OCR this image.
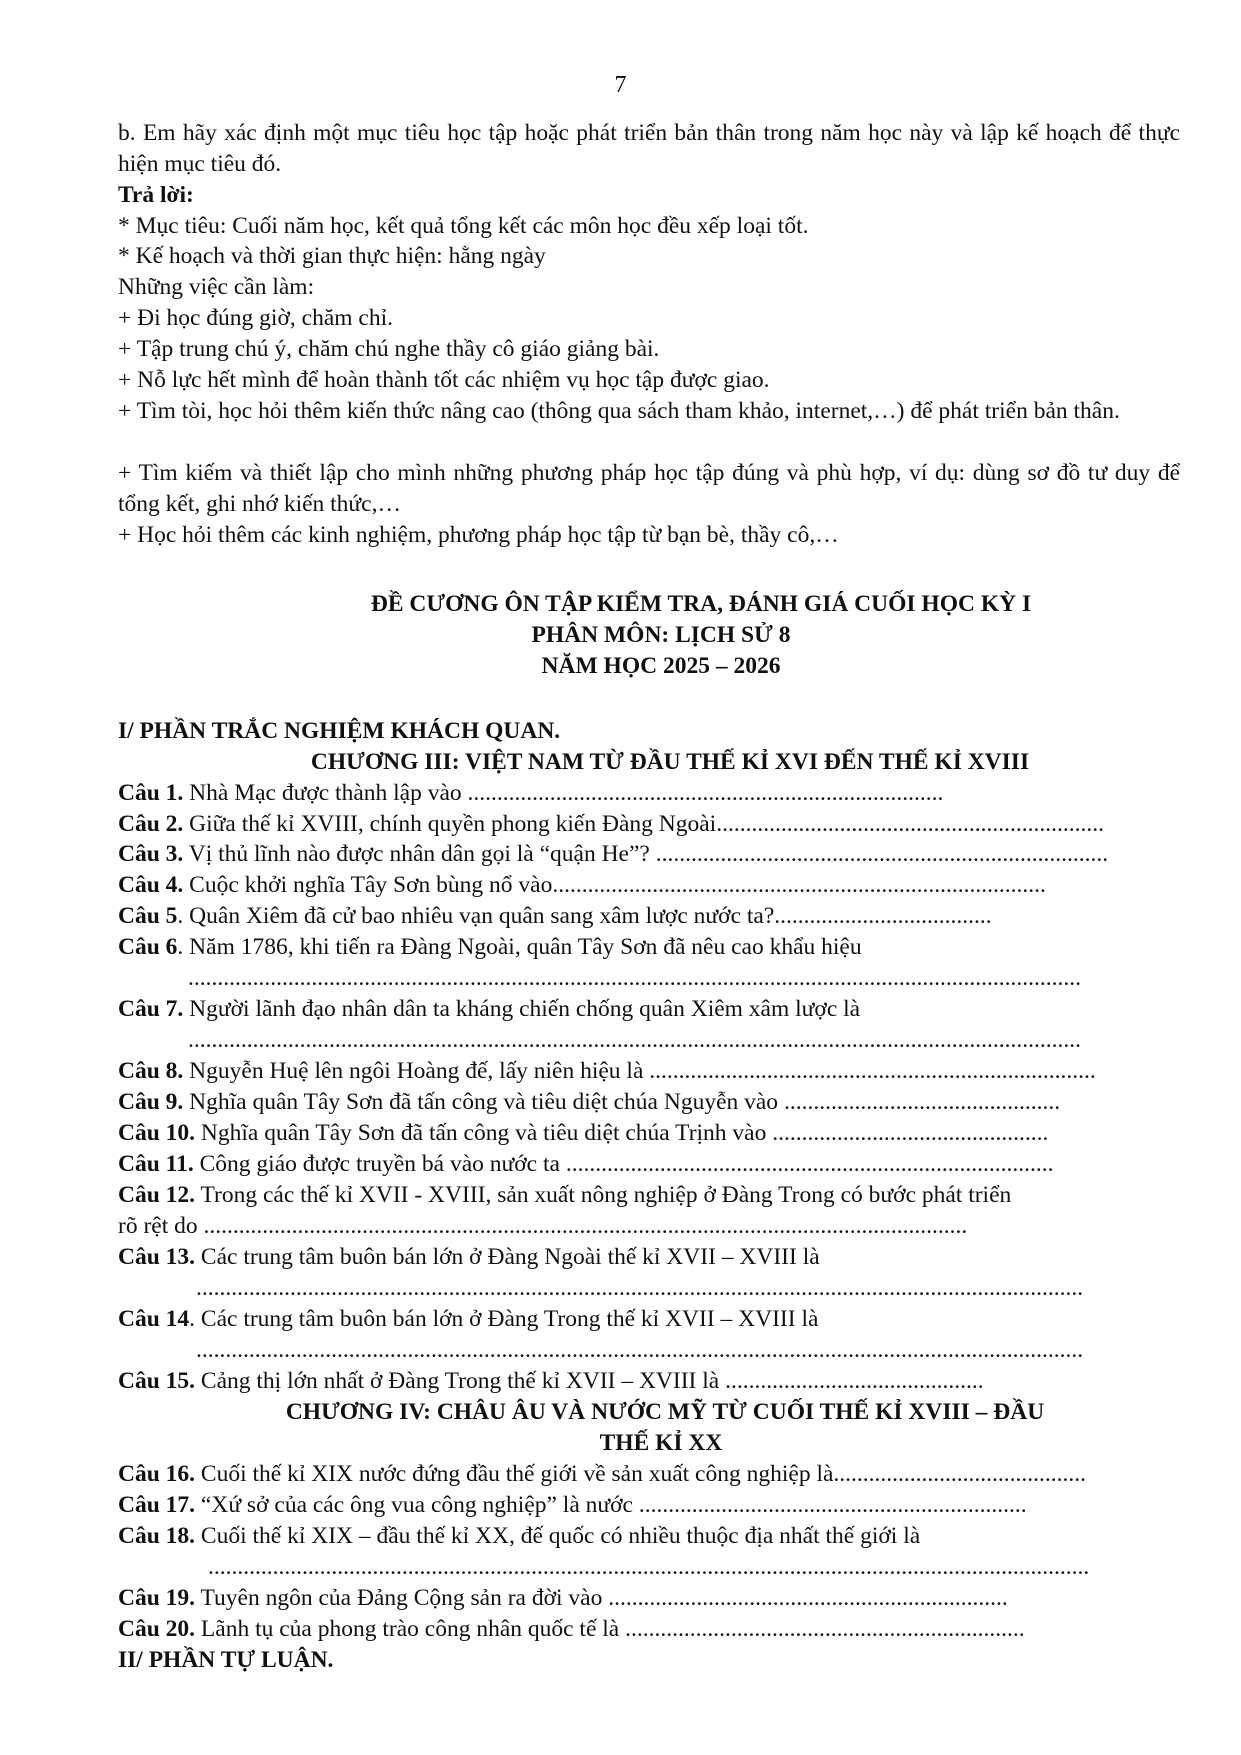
7
b. Em hãy xác định một mục tiêu học tập hoặc phát triển bản thân trong năm học này và lập kế hoạch để thực hiện mục tiêu đó.
Trả lời:
* Mục tiêu: Cuối năm học, kết quả tổng kết các môn học đều xếp loại tốt.
* Kế hoạch và thời gian thực hiện: hằng ngày
Những việc cần làm:
+ Đi học đúng giờ, chăm chỉ.
+ Tập trung chú ý, chăm chú nghe thầy cô giáo giảng bài.
+ Nỗ lực hết mình để hoàn thành tốt các nhiệm vụ học tập được giao.
+ Tìm tòi, học hỏi thêm kiến thức nâng cao (thông qua sách tham khảo, internet,…) để phát triển bản thân.
+ Tìm kiếm và thiết lập cho mình những phương pháp học tập đúng và phù hợp, ví dụ: dùng sơ đồ tư duy để tổng kết, ghi nhớ kiến thức,…
+ Học hỏi thêm các kinh nghiệm, phương pháp học tập từ bạn bè, thầy cô,…
ĐỀ CƯƠNG ÔN TẬP KIỂM TRA, ĐÁNH GIÁ CUỐI HỌC KỲ I
PHÂN MÔN: LỊCH SỬ 8
NĂM HỌC 2025 – 2026
I/ PHẦN TRẮC NGHIỆM KHÁCH QUAN.
CHƯƠNG III: VIỆT NAM TỪ ĐẦU THẾ KỈ XVI ĐẾN THẾ KỈ XVIII
Câu 1. Nhà Mạc được thành lập vào .................................................................................
Câu 2. Giữa thế kỉ XVIII, chính quyền phong kiến Đàng Ngoài..................................................................
Câu 3. Vị thủ lĩnh nào được nhân dân gọi là “quận He”? .............................................................................
Câu 4. Cuộc khởi nghĩa Tây Sơn bùng nổ vào....................................................................................
Câu 5. Quân Xiêm đã cử bao nhiêu vạn quân sang xâm lược nước ta?.....................................
Câu 6. Năm 1786, khi tiến ra Đàng Ngoài, quân Tây Sơn đã nêu cao khẩu hiệu
........................................................................................................................................................
Câu 7. Người lãnh đạo nhân dân ta kháng chiến chống quân Xiêm xâm lược là
........................................................................................................................................................
Câu 8. Nguyễn Huệ lên ngôi Hoàng đế, lấy niên hiệu là ............................................................................
Câu 9. Nghĩa quân Tây Sơn đã tấn công và tiêu diệt chúa Nguyễn vào ...............................................
Câu 10. Nghĩa quân Tây Sơn đã tấn công và tiêu diệt chúa Trịnh vào ...............................................
Câu 11. Công giáo được truyền bá vào nước ta ...................................................................................
Câu 12. Trong các thế kỉ XVII - XVIII, sản xuất nông nghiệp ở Đàng Trong có bước phát triển
rõ rệt do ..................................................................................................................................
Câu 13. Các trung tâm buôn bán lớn ở Đàng Ngoài thế kỉ XVII – XVIII là
.......................................................................................................................................................
Câu 14. Các trung tâm buôn bán lớn ở Đàng Trong thế kỉ XVII – XVIII là
.......................................................................................................................................................
Câu 15. Cảng thị lớn nhất ở Đàng Trong thế kỉ XVII – XVIII là ............................................
CHƯƠNG IV: CHÂU ÂU VÀ NƯỚC MỸ TỪ CUỐI THẾ KỈ XVIII – ĐẦU
THẾ KỈ XX
Câu 16. Cuối thế kỉ XIX nước đứng đầu thế giới về sản xuất công nghiệp là...........................................
Câu 17. “Xứ sở của các ông vua công nghiệp” là nước ..................................................................
Câu 18. Cuối thế kỉ XIX – đầu thế kỉ XX, đế quốc có nhiều thuộc địa nhất thế giới là
......................................................................................................................................................
Câu 19. Tuyên ngôn của Đảng Cộng sản ra đời vào ....................................................................
Câu 20. Lãnh tụ của phong trào công nhân quốc tế là ....................................................................
II/ PHẦN TỰ LUẬN.
